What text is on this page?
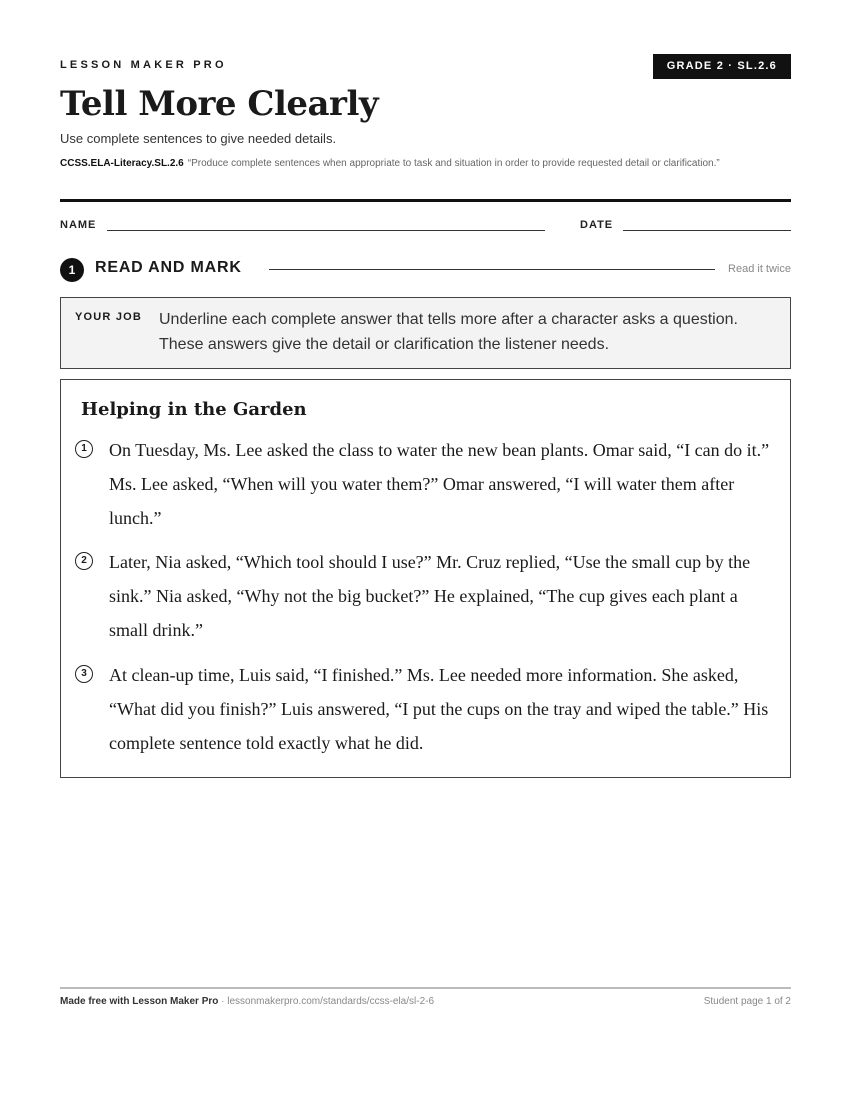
LESSON MAKER PRO	GRADE 2 · SL.2.6
Tell More Clearly
Use complete sentences to give needed details.
CCSS.ELA-Literacy.SL.2.6 “Produce complete sentences when appropriate to task and situation in order to provide requested detail or clarification.”
NAME	DATE
1	READ AND MARK	Read it twice
YOUR JOB Underline each complete answer that tells more after a character asks a question. These answers give the detail or clarification the listener needs.
Helping in the Garden
1	On Tuesday, Ms. Lee asked the class to water the new bean plants. Omar said, “I can do it.” Ms. Lee asked, “When will you water them?” Omar answered, “I will water them after lunch.”
2	Later, Nia asked, “Which tool should I use?” Mr. Cruz replied, “Use the small cup by the sink.” Nia asked, “Why not the big bucket?” He explained, “The cup gives each plant a small drink.”
3	At clean-up time, Luis said, “I finished.” Ms. Lee needed more information. She asked, “What did you finish?” Luis answered, “I put the cups on the tray and wiped the table.” His complete sentence told exactly what he did.
Made free with Lesson Maker Pro · lessonmakerpro.com/standards/ccss-ela/sl-2-6	Student page 1 of 2
